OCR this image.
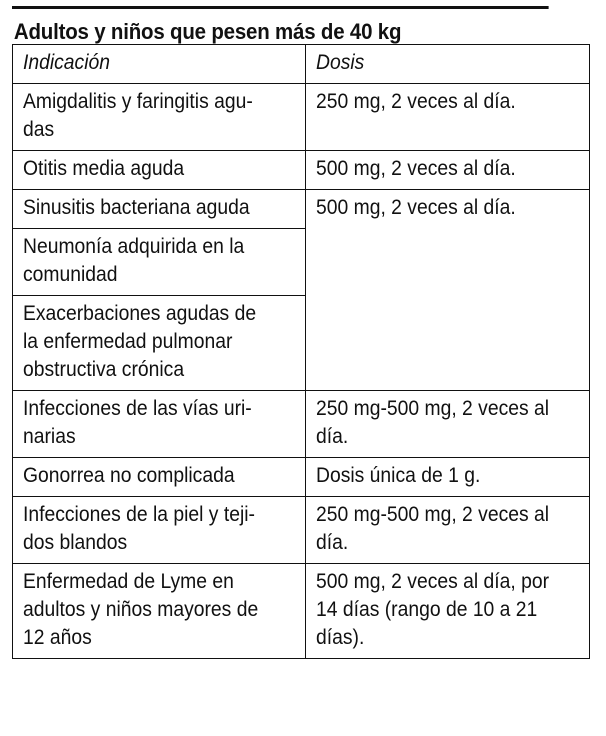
Adultos y niños que pesen más de 40 kg
Indicación	Dosis

Amigdalitis y faringitis agu-
das	250 mg, 2 veces al día.

Otitis media aguda	500 mg, 2 veces al día.

Sinusitis bacteriana aguda	500 mg, 2 veces al día.

Neumonía adquirida en la
comunidad	

Exacerbaciones agudas de
la enfermedad pulmonar
obstructiva crónica	

Infecciones de las vías uri-
narias	250 mg-500 mg, 2 veces al
día.

Gonorrea no complicada	Dosis única de 1 g.

Infecciones de la piel y teji-
dos blandos	250 mg-500 mg, 2 veces al
día.

Enfermedad de Lyme en
adultos y niños mayores de
12 años	500 mg, 2 veces al día, por
14 días (rango de 10 a 21
días).
